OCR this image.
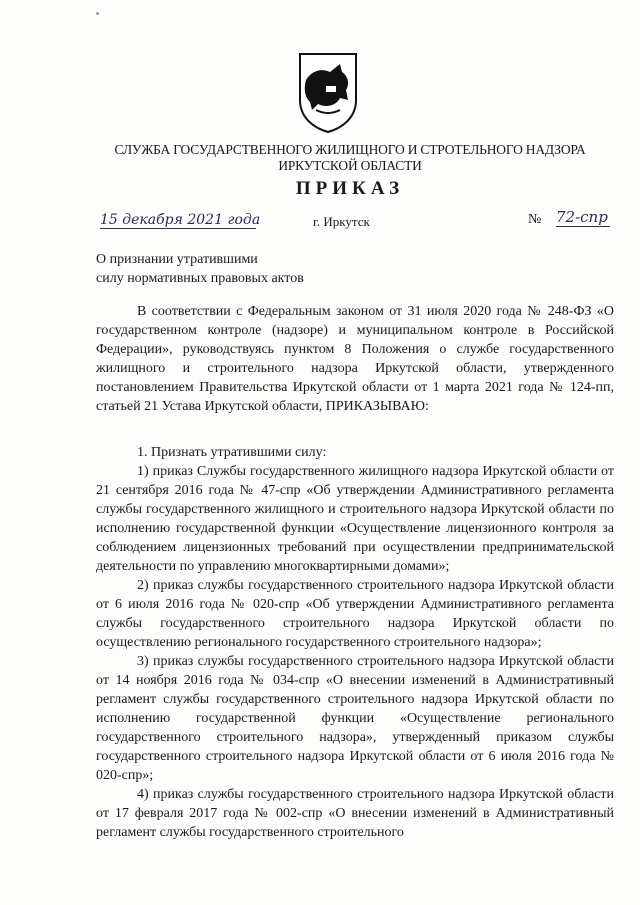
СЛУЖБА ГОСУДАРСТВЕННОГО ЖИЛИЩНОГО И СТРОТЕЛЬНОГО НАДЗОРА
ИРКУТСКОЙ ОБЛАСТИ
ПРИКАЗ
15 декабря 2021 года	г. Иркутск	№ 72-спр
О признании утратившими
силу нормативных правовых актов

В соответствии с Федеральным законом от 31 июля 2020 года № 248-ФЗ «О государственном контроле (надзоре) и муниципальном контроле в Российской Федерации», руководствуясь пунктом 8 Положения о службе государственного жилищного и строительного надзора Иркутской области, утвержденного постановлением Правительства Иркутской области от 1 марта 2021 года № 124-пп, статьей 21 Устава Иркутской области, ПРИКАЗЫВАЮ:

1. Признать утратившими силу:

1) приказ Службы государственного жилищного надзора Иркутской области от 21 сентября 2016 года № 47-спр «Об утверждении Административного регламента службы государственного жилищного и строительного надзора Иркутской области по исполнению государственной функции «Осуществление лицензионного контроля за соблюдением лицензионных требований при осуществлении предпринимательской деятельности по управлению многоквартирными домами»;

2) приказ службы государственного строительного надзора Иркутской области от 6 июля 2016 года № 020-спр «Об утверждении Административного регламента службы государственного строительного надзора Иркутской области по осуществлению регионального государственного строительного надзора»;

3) приказ службы государственного строительного надзора Иркутской области от 14 ноября 2016 года № 034-спр «О внесении изменений в Административный регламент службы государственного строительного надзора Иркутской области по исполнению государственной функции «Осуществление регионального государственного строительного надзора», утвержденный приказом службы государственного строительного надзора Иркутской области от 6 июля 2016 года № 020-спр»;

4) приказ службы государственного строительного надзора Иркутской области от 17 февраля 2017 года № 002-спр «О внесении изменений в Административный регламент службы государственного строительного
